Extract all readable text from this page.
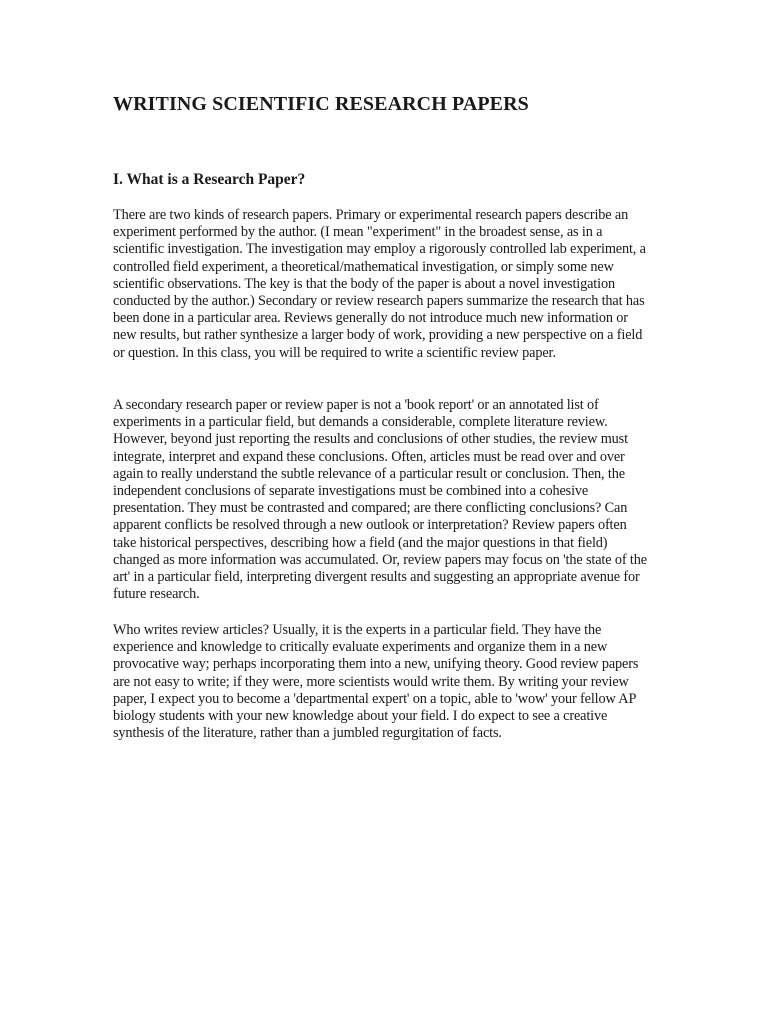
WRITING SCIENTIFIC RESEARCH PAPERS
I. What is a Research Paper?

There are two kinds of research papers. Primary or experimental research papers describe an experiment performed by the author. (I mean "experiment" in the broadest sense, as in a scientific investigation. The investigation may employ a rigorously controlled lab experiment, a controlled field experiment, a theoretical/mathematical investigation, or simply some new scientific observations. The key is that the body of the paper is about a novel investigation conducted by the author.) Secondary or review research papers summarize the research that has been done in a particular area. Reviews generally do not introduce much new information or new results, but rather synthesize a larger body of work, providing a new perspective on a field or question. In this class, you will be required to write a scientific review paper.

A secondary research paper or review paper is not a 'book report' or an annotated list of experiments in a particular field, but demands a considerable, complete literature review. However, beyond just reporting the results and conclusions of other studies, the review must integrate, interpret and expand these conclusions. Often, articles must be read over and over again to really understand the subtle relevance of a particular result or conclusion. Then, the independent conclusions of separate investigations must be combined into a cohesive presentation. They must be contrasted and compared; are there conflicting conclusions? Can apparent conflicts be resolved through a new outlook or interpretation? Review papers often take historical perspectives, describing how a field (and the major questions in that field) changed as more information was accumulated. Or, review papers may focus on 'the state of the art' in a particular field, interpreting divergent results and suggesting an appropriate avenue for future research.

Who writes review articles? Usually, it is the experts in a particular field. They have the experience and knowledge to critically evaluate experiments and organize them in a new provocative way; perhaps incorporating them into a new, unifying theory. Good review papers are not easy to write; if they were, more scientists would write them. By writing your review paper, I expect you to become a 'departmental expert' on a topic, able to 'wow' your fellow AP biology students with your new knowledge about your field. I do expect to see a creative synthesis of the literature, rather than a jumbled regurgitation of facts.
